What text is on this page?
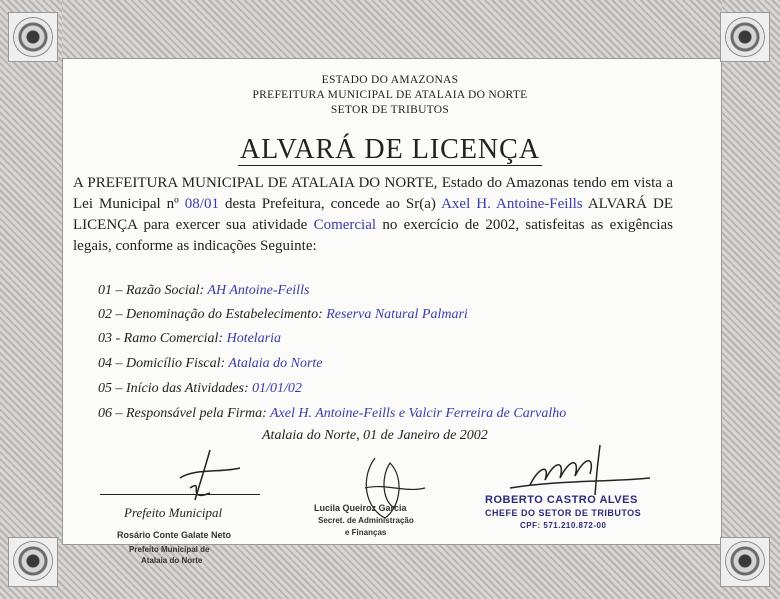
ESTADO DO AMAZONAS
PREFEITURA MUNICIPAL DE ATALAIA DO NORTE
SETOR DE TRIBUTOS
ALVARÁ DE LICENÇA
A PREFEITURA MUNICIPAL DE ATALAIA DO NORTE, Estado do Amazonas tendo em vista a Lei Municipal nº 08/01 desta Prefeitura, concede ao Sr(a) Axel H. Antoine-Feills ALVARÁ DE LICENÇA para exercer sua atividade Comercial no exercício de 2002, satisfeitas as exigências legais, conforme as indicações Seguinte:
01 – Razão Social: AH Antoine-Feills
02 – Denominação do Estabelecimento: Reserva Natural Palmari
03 - Ramo Comercial: Hotelaria
04 – Domicílio Fiscal: Atalaia do Norte
05 – Início das Atividades: 01/01/02
06 – Responsável pela Firma: Axel H. Antoine-Feills e Valcir Ferreira de Carvalho
Atalaia do Norte, 01 de Janeiro de 2002
Prefeito Municipal
Rosário Conte Galate Neto
Prefeito Municipal de
Atalaia do Norte
Lucila Queiroz Garcia
Secret. de Administração
e Finanças
ROBERTO CASTRO ALVES
CHEFE DO SETOR DE TRIBUTOS
CPF: 571.210.872-00
